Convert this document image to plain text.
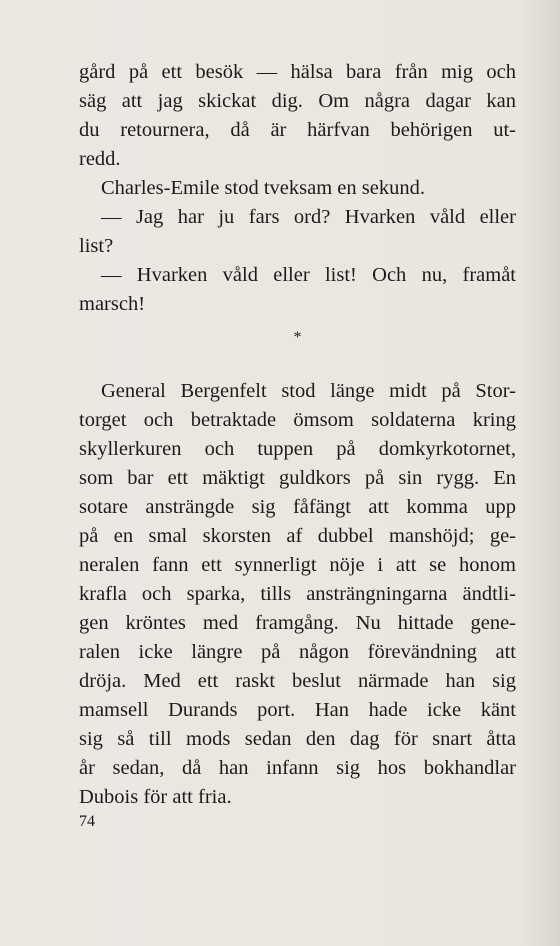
gård på ett besök — hälsa bara från mig och
säg att jag skickat dig. Om några dagar kan
du retournera, då är härfvan behörigen ut-
redd.
Charles-Emile stod tveksam en sekund.
— Jag har ju fars ord? Hvarken våld eller
list?
— Hvarken våld eller list! Och nu, framåt
marsch!
*
General Bergenfelt stod länge midt på Stor-
torget och betraktade ömsom soldaterna kring
skyllerkuren och tuppen på domkyrkotornet,
som bar ett mäktigt guldkors på sin rygg. En
sotare ansträngde sig fåfängt att komma upp
på en smal skorsten af dubbel manshöjd; ge-
neralen fann ett synnerligt nöje i att se honom
krafla och sparka, tills ansträngningarna ändtli-
gen kröntes med framgång. Nu hittade gene-
ralen icke längre på någon förevändning att
dröja. Med ett raskt beslut närmade han sig
mamsell Durands port. Han hade icke känt
sig så till mods sedan den dag för snart åtta
år sedan, då han infann sig hos bokhandlar
Dubois för att fria.
74
